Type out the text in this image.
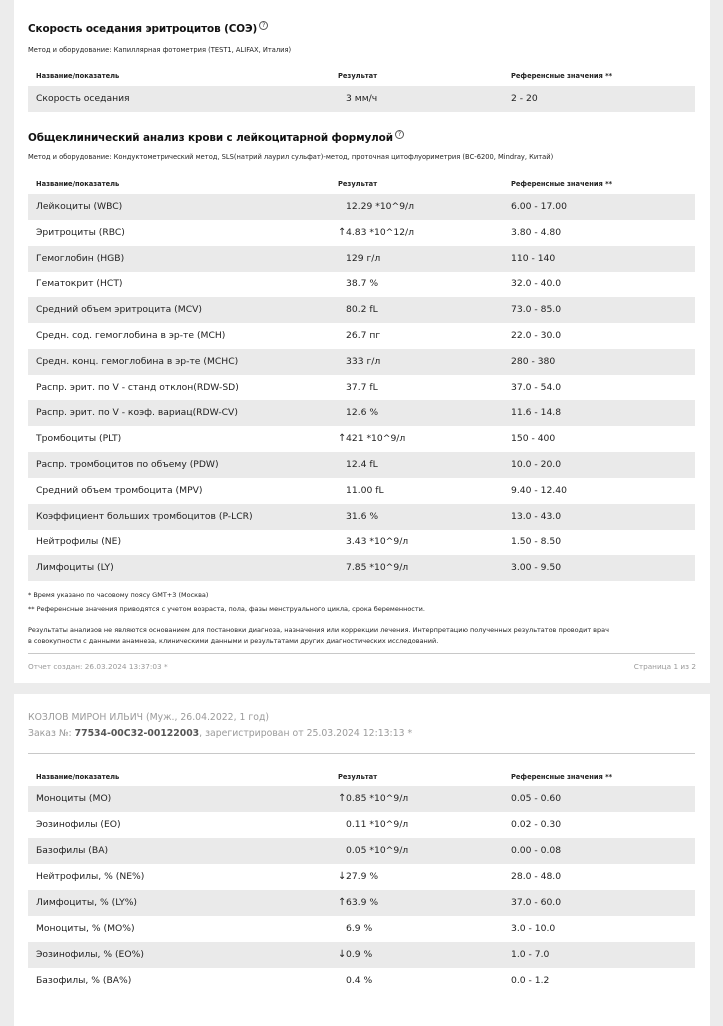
Скорость оседания эритроцитов (СОЭ) ?
Метод и оборудование: Капиллярная фотометрия (TEST1, ALIFAX, Италия)
Название/показатель	Результат	Референсные значения **
Скорость оседания	3 мм/ч	2 - 20
Общеклинический анализ крови с лейкоцитарной формулой ?
Метод и оборудование: Кондуктометрический метод, SLS(натрий лаурил сульфат)-метод, проточная цитофлуориметрия (ВС-6200, Mindray, Китай)
Название/показатель	Результат	Референсные значения **
Лейкоциты (WBC)	12.29 *10^9/л	6.00 - 17.00
Эритроциты (RBC)	↑4.83 *10^12/л	3.80 - 4.80
Гемоглобин (HGB)	129 г/л	110 - 140
Гематокрит (HCT)	38.7 %	32.0 - 40.0
Средний объем эритроцита (MCV)	80.2 fL	73.0 - 85.0
Средн. сод. гемоглобина в эр-те (MCH)	26.7 пг	22.0 - 30.0
Средн. конц. гемоглобина в эр-те (MCHC)	333 г/л	280 - 380
Распр. эрит. по V - станд отклон(RDW-SD)	37.7 fL	37.0 - 54.0
Распр. эрит. по V - коэф. вариац(RDW-CV)	12.6 %	11.6 - 14.8
Тромбоциты (PLT)	↑421 *10^9/л	150 - 400
Распр. тромбоцитов по объему (PDW)	12.4 fL	10.0 - 20.0
Средний объем тромбоцита (MPV)	11.00 fL	9.40 - 12.40
Коэффициент больших тромбоцитов (P-LCR)	31.6 %	13.0 - 43.0
Нейтрофилы (NE)	3.43 *10^9/л	1.50 - 8.50
Лимфоциты (LY)	7.85 *10^9/л	3.00 - 9.50
* Время указано по часовому поясу GMT+3 (Москва)
** Референсные значения приводятся с учетом возраста, пола, фазы менструального цикла, срока беременности.
Результаты анализов не являются основанием для постановки диагноза, назначения или коррекции лечения. Интерпретацию полученных результатов проводит врач
в совокупности с данными анамнеза, клиническими данными и результатами других диагностических исследований.
Отчет создан: 26.03.2024 13:37:03 *	Страница 1 из 2
КОЗЛОВ МИРОН ИЛЬИЧ (Муж., 26.04.2022, 1 год)
Заказ №: 77534-00C32-00122003, зарегистрирован от 25.03.2024 12:13:13 *
Название/показатель	Результат	Референсные значения **
Моноциты (MO)	↑0.85 *10^9/л	0.05 - 0.60
Эозинофилы (EO)	0.11 *10^9/л	0.02 - 0.30
Базофилы (BA)	0.05 *10^9/л	0.00 - 0.08
Нейтрофилы, % (NE%)	↓27.9 %	28.0 - 48.0
Лимфоциты, % (LY%)	↑63.9 %	37.0 - 60.0
Моноциты, % (MO%)	6.9 %	3.0 - 10.0
Эозинофилы, % (EO%)	↓0.9 %	1.0 - 7.0
Базофилы, % (BA%)	0.4 %	0.0 - 1.2
